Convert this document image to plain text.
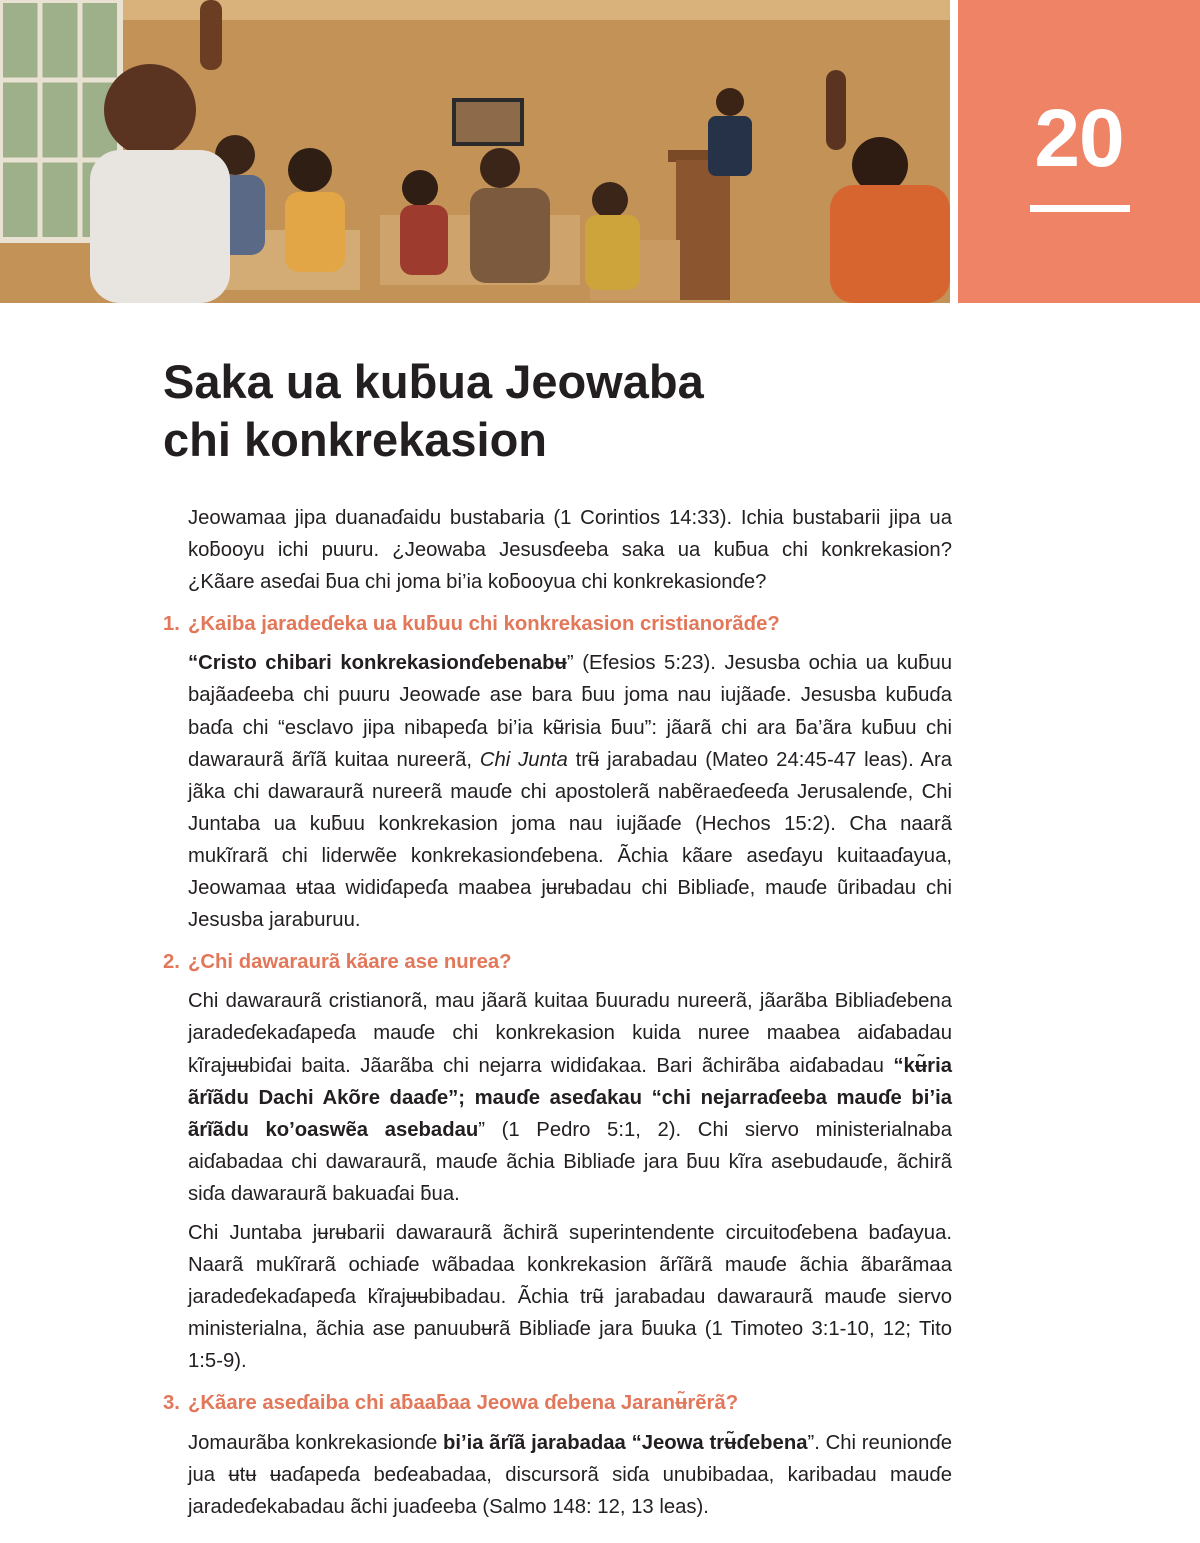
20
Saka ua kuƃua Jeowaba
chi konkrekasion

Jeowamaa jipa duanaɗaidu bustabaria (1 Corintios 14:33). Ichia bustabarii jipa ua koƃooyu ichi puuru. ¿Jeowaba Jesusɗeeba saka ua kuƃua chi konkrekasion? ¿Kãare aseɗai ƃua chi joma bi’ia koƃooyua chi konkrekasionɗe?

1. ¿Kaiba jaradeɗeka ua kuƃuu chi konkrekasion cristianorãɗe?

“Cristo chibari konkrekasionɗebenabʉ” (Efesios 5:23). Jesusba ochia ua kuƃuu bajãaɗeeba chi puuru Jeowaɗe ase bara ƃuu joma nau iujãaɗe. Jesusba kuƃuɗa baɗa chi “esclavo jipa nibapeɗa bi’ia kʉ̃risia ƃuu”: jãarã chi ara ƃa’ãra kuƃuu chi dawaraurã ãrĩã kuitaa nureerã, Chi Junta trʉ̃ jarabadau (Mateo 24:45-47 leas). Ara jãka chi dawaraurã nureerã mauɗe chi apostolerã nabẽraeɗeeɗa Jerusalenɗe, Chi Juntaba ua kuƃuu konkrekasion joma nau iujãaɗe (Hechos 15:2). Cha naarã mukĩrarã chi liderwẽe konkrekasionɗebena. Ãchia kãare aseɗayu kuitaaɗayua, Jeowamaa ʉtaa widiɗapeɗa maabea jʉrʉbadau chi Bibliaɗe, mauɗe ũribadau chi Jesusba jaraburuu.

2. ¿Chi dawaraurã kãare ase nurea?

Chi dawaraurã cristianorã, mau jãarã kuitaa ƃuuradu nureerã, jãarãba Bibliaɗebena jaradeɗekaɗapeɗa mauɗe chi konkrekasion kuida nuree maabea aiɗabadau kĩrajʉʉbiɗai baita. Jãarãba chi nejarra widiɗakaa. Bari ãchirãba aiɗabadau “kʉ̃ria ãrĩãdu Dachi Akõre daaɗe”; mauɗe aseɗakau “chi nejarraɗeeba mauɗe bi’ia ãrĩãdu ko’oaswẽa asebadau” (1 Pedro 5:1, 2). Chi siervo ministerialnaba aiɗabadaa chi dawaraurã, mauɗe ãchia Bibliaɗe jara ƃuu kĩra asebudauɗe, ãchirã siɗa dawaraurã bakuaɗai ƃua.

Chi Juntaba jʉrʉbarii dawaraurã ãchirã superintendente circuitoɗebena baɗayua. Naarã mukĩrarã ochiaɗe wãbadaa konkrekasion ãrĩãrã mauɗe ãchia ãbarãmaa jaradeɗekaɗapeɗa kĩrajʉʉbibadau. Ãchia trʉ̃ jarabadau dawaraurã mauɗe siervo ministerialna, ãchia ase panuubʉrã Bibliaɗe jara ƃuuka (1 Timoteo 3:1-10, 12; Tito 1:5-9).

3. ¿Kãare aseɗaiba chi aƃaaƃaa Jeowa ɗebena Jaranʉ̃rẽrã?

Jomaurãba konkrekasionɗe bi’ia ãrĩã jarabadaa “Jeowa trʉ̃ɗebena”. Chi reunionɗe jua ʉtʉ ʉaɗapeɗa beɗeabadaa, discursorã siɗa unubibadaa, karibadau mauɗe jaradeɗekabadau ãchi juaɗeeba (Salmo 148: 12, 13 leas).
